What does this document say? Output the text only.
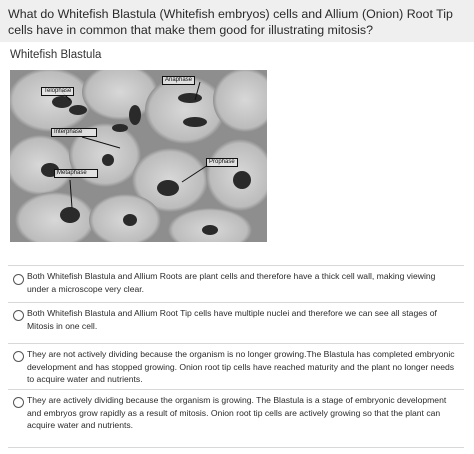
What do Whitefish Blastula (Whitefish embryos) cells and Allium (Onion) Root Tip cells have in common that make them good for illustrating mitosis?
Whitefish Blastula
Telophase
Anaphase
Interphase
Prophase
Metaphase
Both Whitefish Blastula and Allium Roots are plant cells and therefore have a thick cell wall, making viewing under a microscope very clear.
Both Whitefish Blastula and Allium Root Tip cells have multiple nuclei and therefore we can see all stages of Mitosis in one cell.
They are not actively dividing because the organism is no longer growing.The Blastula has completed embryonic development and has stopped growing. Onion root tip cells have reached maturity and the plant no longer needs to acquire water and nutrients.
They are actively dividing because the organism is growing. The Blastula is a stage of embryonic development and embryos grow rapidly as a result of mitosis. Onion root tip cells are actively growing so that the plant can acquire water and nutrients.
